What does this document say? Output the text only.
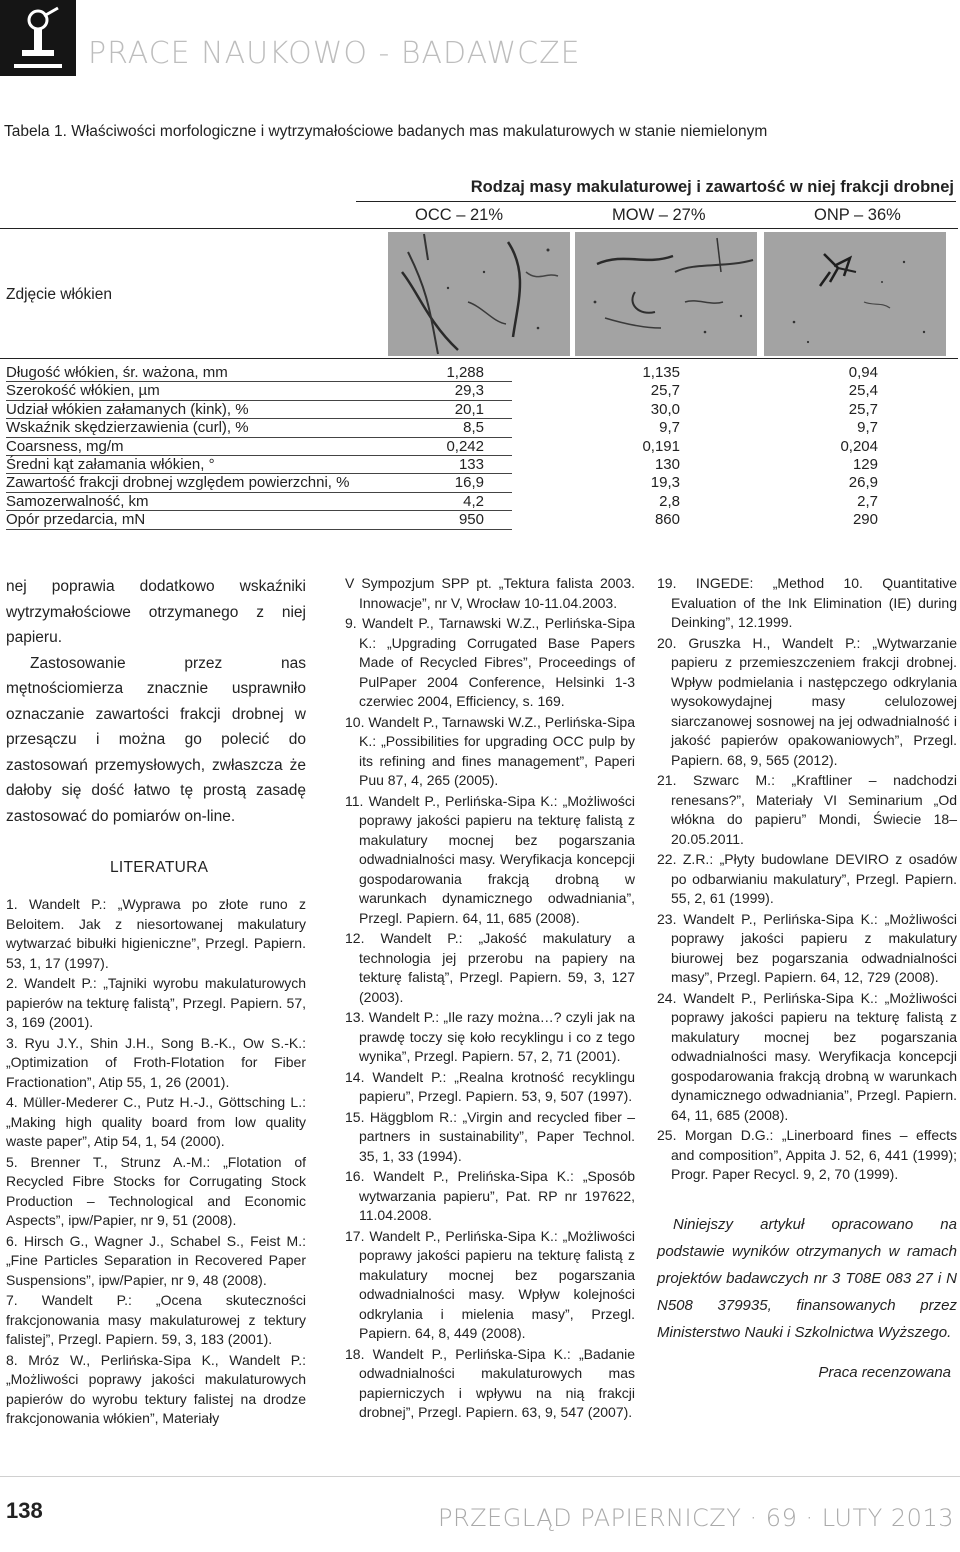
PRACE NAUKOWO - BADAWCZE
Tabela 1. Właściwości morfologiczne i wytrzymałościowe badanych mas makulaturowych w stanie niemielonym
Rodzaj masy makulaturowej i zawartość w niej frakcji drobnej
OCC – 21%	MOW – 27%	ONP – 36%
Zdjęcie włókien
Długość włókien, śr. ważona, mm	1,288	1,135	0,94
Szerokość włókien, µm	29,3	25,7	25,4
Udział włókien załamanych (kink), %	20,1	30,0	25,7
Wskaźnik skędzierzawienia (curl), %	8,5	9,7	9,7
Coarsness, mg/m	0,242	0,191	0,204
Średni kąt załamania włókien, °	133	130	129
Zawartość frakcji drobnej względem powierzchni, %	16,9	19,3	26,9
Samozerwalność, km	4,2	2,8	2,7
Opór przedarcia, mN	950	860	290

nej poprawia dodatkowo wskaźniki wytrzymałościowe otrzymanego z niej papieru.

Zastosowanie przez nas mętnościomierza znacznie usprawniło oznaczanie zawartości frakcji drobnej w przesączu i można go polecić do zastosowań przemysłowych, zwłaszcza że dałoby się dość łatwo tę prostą zasadę zastosować do pomiarów on-line.

LITERATURA

1. Wandelt P.: „Wyprawa po złote runo z Beloitem. Jak z niesortowanej makulatury wytwarzać bibułki higieniczne”, Przegl. Papiern. 53, 1, 17 (1997).

2. Wandelt P.: „Tajniki wyrobu makulaturowych papierów na tekturę falistą”, Przegl. Papiern. 57, 3, 169 (2001).

3. Ryu J.Y., Shin J.H., Song B.-K., Ow S.-K.: „Optimization of Froth-Flotation for Fiber Fractionation”, Atip 55, 1, 26 (2001).

4. Müller-Mederer C., Putz H.-J., Göttsching L.: „Making high quality board from low quality waste paper”, Atip 54, 1, 54 (2000).

5. Brenner T., Strunz A.-M.: „Flotation of Recycled Fibre Stocks for Corrugating Stock Production – Technological and Economic Aspects”, ipw/Papier, nr 9, 51 (2008).

6. Hirsch G., Wagner J., Schabel S., Feist M.: „Fine Particles Separation in Recovered Paper Suspensions”, ipw/Papier, nr 9, 48 (2008).

7. Wandelt P.: „Ocena skuteczności frakcjonowania masy makulaturowej z tektury falistej”, Przegl. Papiern. 59, 3, 183 (2001).

8. Mróz W., Perlińska-Sipa K., Wandelt P.: „Możliwości poprawy jakości makulaturowych papierów do wyrobu tektury falistej na drodze frakcjonowania włókien”, Materiały

V Sympozjum SPP pt. „Tektura falista 2003. Innowacje”, nr V, Wrocław 10-11.04.2003.

9. Wandelt P., Tarnawski W.Z., Perlińska-Sipa K.: „Upgrading Corrugated Base Papers Made of Recycled Fibres”, Proceedings of PulPaper 2004 Conference, Helsinki 1-3 czerwiec 2004, Efficiency, s. 169.

10. Wandelt P., Tarnawski W.Z., Perlińska-Sipa K.: „Possibilities for upgrading OCC pulp by its refining and fines management”, Paperi Puu 87, 4, 265 (2005).

11. Wandelt P., Perlińska-Sipa K.: „Możliwości poprawy jakości papieru na tekturę falistą z makulatury mocnej bez pogarszania odwadnialności masy. Weryfikacja koncepcji gospodarowania frakcją drobną w warunkach dynamicznego odwadniania”, Przegl. Papiern. 64, 11, 685 (2008).

12. Wandelt P.: „Jakość makulatury a technologia jej przerobu na papiery na tekturę falistą”, Przegl. Papiern. 59, 3, 127 (2003).

13. Wandelt P.: „Ile razy można…? czyli jak na prawdę toczy się koło recyklingu i co z tego wynika”, Przegl. Papiern. 57, 2, 71 (2001).

14. Wandelt P.: „Realna krotność recyklingu papieru”, Przegl. Papiern. 53, 9, 507 (1997).

15. Häggblom R.: „Virgin and recycled fiber – partners in sustainability”, Paper Technol. 35, 1, 33 (1994).

16. Wandelt P., Prelińska-Sipa K.: „Sposób wytwarzania papieru”, Pat. RP nr 197622, 11.04.2008.

17. Wandelt P., Perlińska-Sipa K.: „Możliwości poprawy jakości papieru na tekturę falistą z makulatury mocnej bez pogarszania odwadnialności masy. Wpływ kolejności odkrylania i mielenia masy”, Przegl. Papiern. 64, 8, 449 (2008).

18. Wandelt P., Perlińska-Sipa K.: „Badanie odwadnialności makulaturowych mas papierniczych i wpływu na nią frakcji drobnej”, Przegl. Papiern. 63, 9, 547 (2007).

19. INGEDE: „Method 10. Quantitative Evaluation of the Ink Elimination (IE) during Deinking”, 12.1999.

20. Gruszka H., Wandelt P.: „Wytwarzanie papieru z przemieszczeniem frakcji drobnej. Wpływ podmielania i następczego odkrylania wysokowydajnej masy celulozowej siarczanowej sosnowej na jej odwadnialność i jakość papierów opakowaniowych”, Przegl. Papiern. 68, 9, 565 (2012).

21. Szwarc M.: „Kraftliner – nadchodzi renesans?”, Materiały VI Seminarium „Od włókna do papieru” Mondi, Świecie 18–20.05.2011.

22. Z.R.: „Płyty budowlane DEVIRO z osadów po odbarwianiu makulatury”, Przegl. Papiern. 55, 2, 61 (1999).

23. Wandelt P., Perlińska-Sipa K.: „Możliwości poprawy jakości papieru z makulatury biurowej bez pogarszania odwadnialności masy”, Przegl. Papiern. 64, 12, 729 (2008).

24. Wandelt P., Perlińska-Sipa K.: „Możliwości poprawy jakości papieru na tekturę falistą z makulatury mocnej bez pogarszania odwadnialności masy. Weryfikacja koncepcji gospodarowania frakcją drobną w warunkach dynamicznego odwadniania”, Przegl. Papiern. 64, 11, 685 (2008).

25. Morgan D.G.: „Linerboard fines – effects and composition”, Appita J. 52, 6, 441 (1999); Progr. Paper Recycl. 9, 2, 70 (1999).

Niniejszy artykuł opracowano na podstawie wyników otrzymanych w ramach projektów badawczych nr 3 T08E 083 27 i N N508 379935, finansowanych przez Ministerstwo Nauki i Szkolnictwa Wyższego.

Praca recenzowana

138	PRZEGLĄD PAPIERNICZY · 69 · LUTY 2013
